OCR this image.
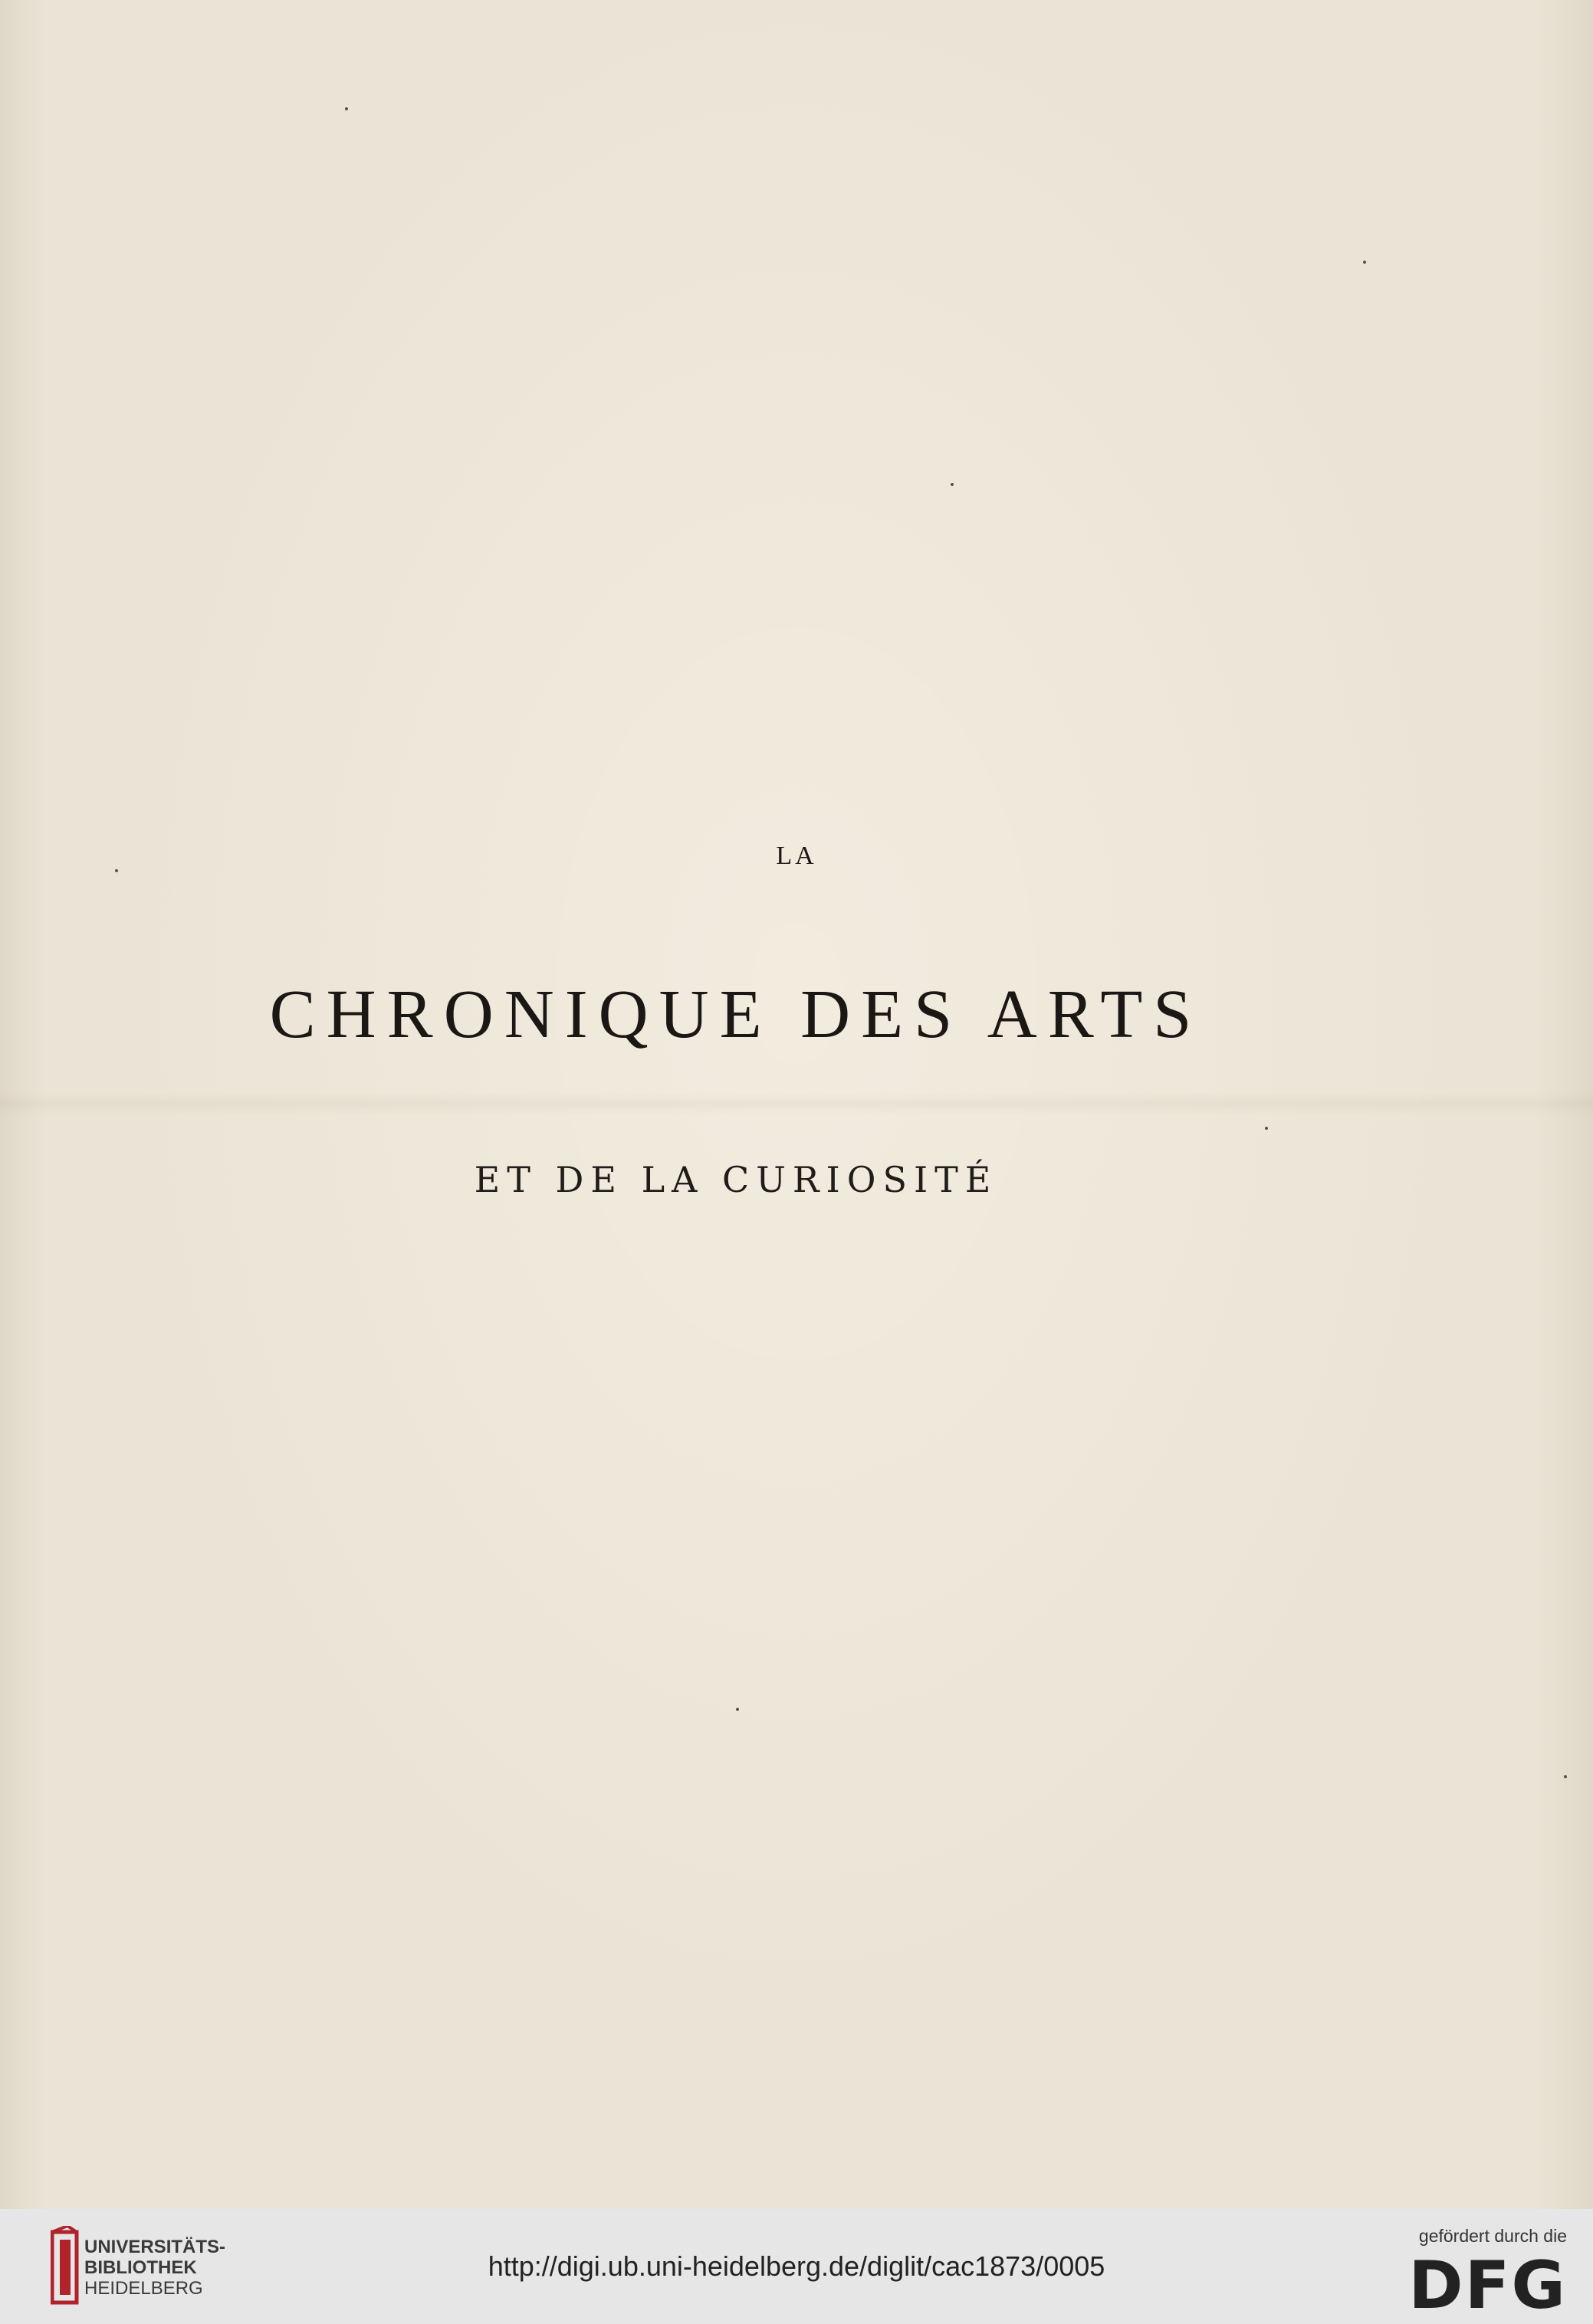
LA
CHRONIQUE DES ARTS
ET DE LA CURIOSITÉ
UNIVERSITÄTS-
BIBLIOTHEK
HEIDELBERG
http://digi.ub.uni-heidelberg.de/diglit/cac1873/0005
gefördert durch die
DFG
